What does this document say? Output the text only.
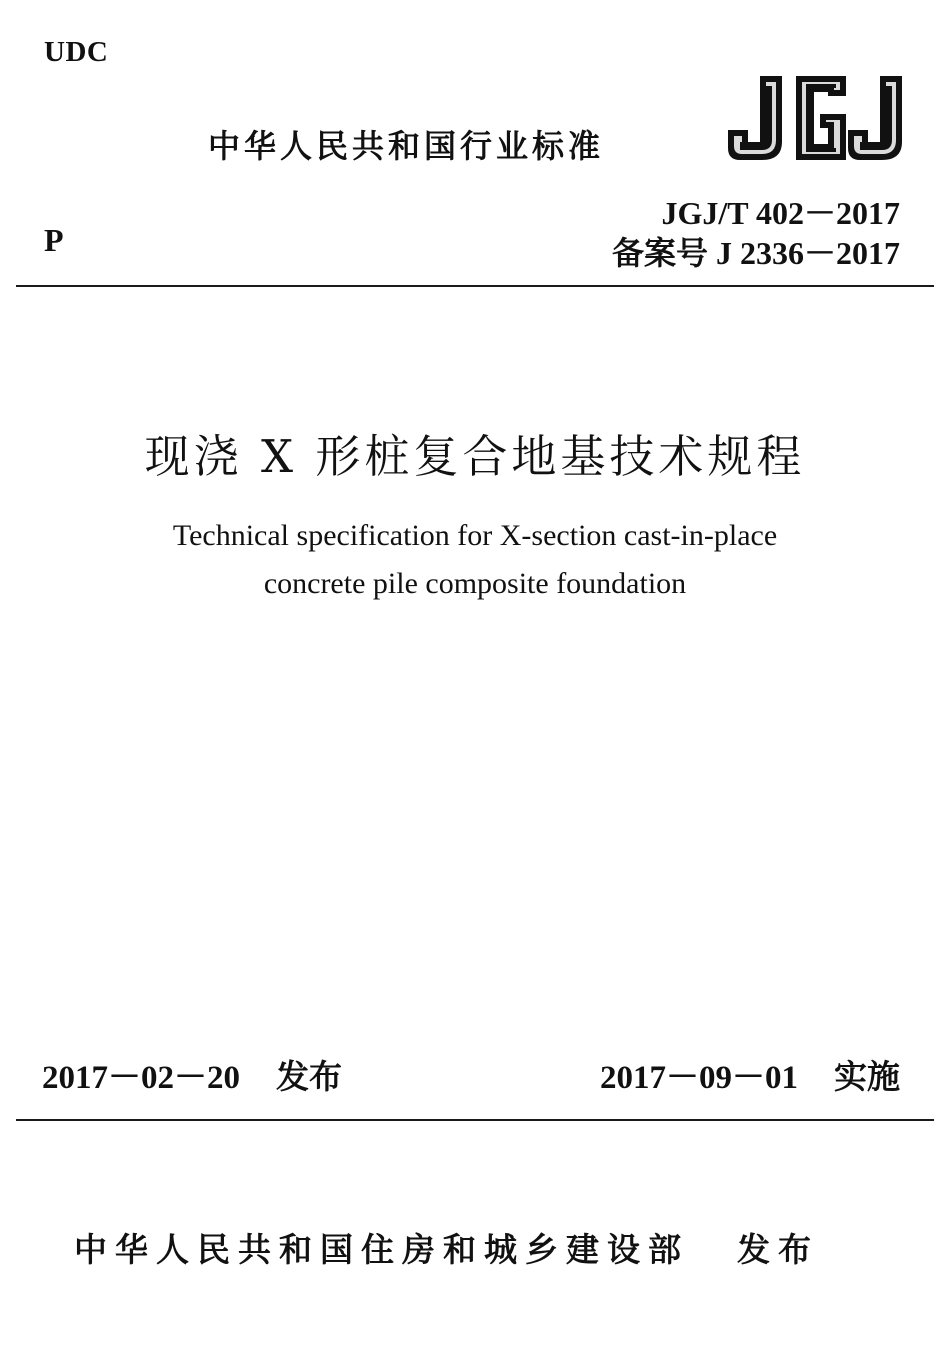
UDC
中华人民共和国行业标准
P
JGJ/T 402－2017
备案号 J 2336－2017
现浇 X 形桩复合地基技术规程
Technical specification for X-section cast-in-place
concrete pile composite foundation
2017－02－20 发布	2017－09－01 实施
中华人民共和国住房和城乡建设部 发布
